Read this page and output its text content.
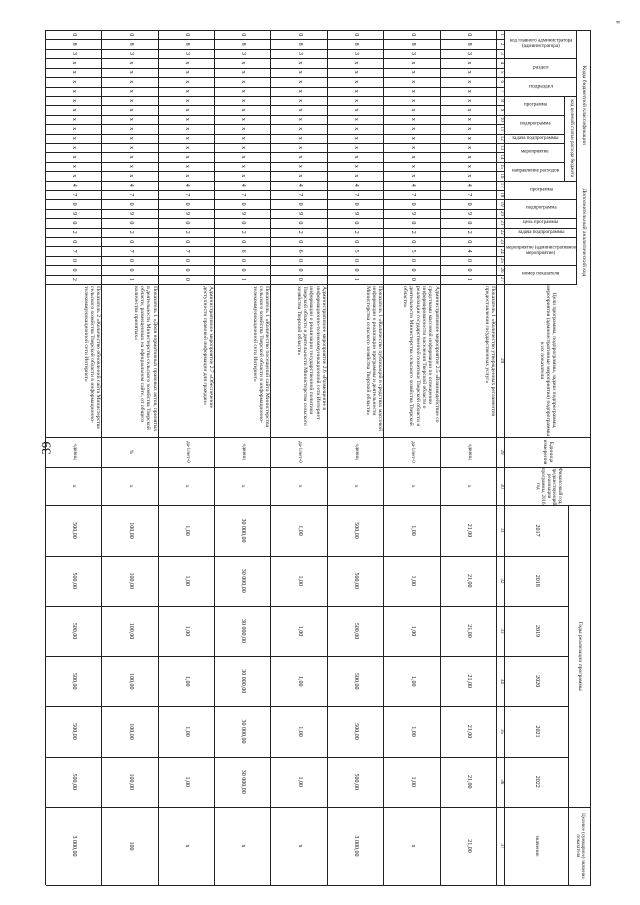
39
"
Коды бюджетной классификации
Дополнительный аналитический код
Цели программы, подпрограммы, задачи подпрограммы, мероприятия (административные мероприятия) подпрограммы и их показатели
Единица измерения
Финансовый год, предшествующий реализации программы, 2016 год
Годы реализации программы
Целевое (суммарное) значение показателя
значение
2017
2018
2019
2020
2021
2022
код главного администратора (администратора)
раздел
подраздел
код целевой статьи расхода бюджета
программа
подпрограмма
задача подпрограммы
мероприятие
направление расходов
программа
подпрограмма
цель программы
задача подпрограммы
мероприятие (административное мероприятие)
номер показателя
1
2
3
4
5
6
7
8
9
10
11
12
13
14
15
16
17
18
19
20
21
22
23
24
25
26
27
28
29
30
31
32
33
34
35
36
37
0
8
3
х
х
х
х
х
х
х
х
х
х
х
х
х
4
7
0
9
0
2
0
4
0
0
1
Показатель 1 «Количество утвержденных регламентов предоставления государственных услуг»
единиц
х
21,00
21,00
21,00
21,00
21,00
21,00
21,00
0
8
3
х
х
х
х
х
х
х
х
х
х
х
х
х
4
7
0
9
0
2
0
5
0
0
0
Административное мероприятие 2.5 «Взаимодействие со средствами массовой информации по освещению информированности населения Тверской области о реализации государственной политики Тверской области и деятельности Министерства сельского хозяйства Тверской области»
да-1/нет-0
х
1,00
1,00
1,00
1,00
1,00
1,00
х
0
8
3
х
х
х
х
х
х
х
х
х
х
х
х
х
4
7
0
9
0
2
0
5
0
0
1
Показатель 1 «Количество публикаций в средствах массовой информации о реализации программы и деятельности Министерства сельского хозяйства Тверской области»
единиц
х
500,00
500,00
500,00
500,00
500,00
500,00
3 000,00
0
8
3
х
х
х
х
х
х
х
х
х
х
х
х
х
4
7
0
9
0
2
0
6
0
0
0
Административное мероприятие 2.6 «Размещение в информационно-телекоммуникационной сети Интернет информации о реализации государственной политики Тверской области и деятельности Министерства сельского хозяйства Тверской области»
да-1/нет-0
х
1,00
1,00
1,00
1,00
1,00
1,00
х
0
8
3
х
х
х
х
х
х
х
х
х
х
х
х
х
4
7
0
9
0
2
0
6
0
0
1
Показатель 1 «Количество посещений сайта Министерства сельского хозяйства Тверской области в информационно-телекоммуникационной сети Интернет»
единиц
х
30 000,00
30 000,00
30 000,00
30 000,00
30 000,00
30 000,00
х
0
8
3
х
х
х
х
х
х
х
х
х
х
х
х
х
4
7
0
9
0
2
0
7
0
0
0
Административное мероприятие 2.7 «Обеспечение доступности правовой информации для граждан»
да-1/нет-0
х
1,00
1,00
1,00
1,00
1,00
1,00
х
0
8
3
х
х
х
х
х
х
х
х
х
х
х
х
х
4
7
0
9
0
2
0
7
0
0
1
Показатель 1 «Доля нормативных правовых актов, принятых в деятельности Министерства сельского хозяйства Тверской области, размещенных на официальном сайте, от общего количества принятых»
%
х
100,00
100,00
100,00
100,00
100,00
100,00
100
0
8
3
х
х
х
х
х
х
х
х
х
х
х
х
х
4
7
0
9
0
2
0
7
0
0
2
Показатель 2 «Количество обновлений сайта Министерства сельского хозяйства Тверской области в информационно-телекоммуникационной сети Интернет»
единиц
х
500,00
500,00
500,00
500,00
500,00
500,00
3 000,00
